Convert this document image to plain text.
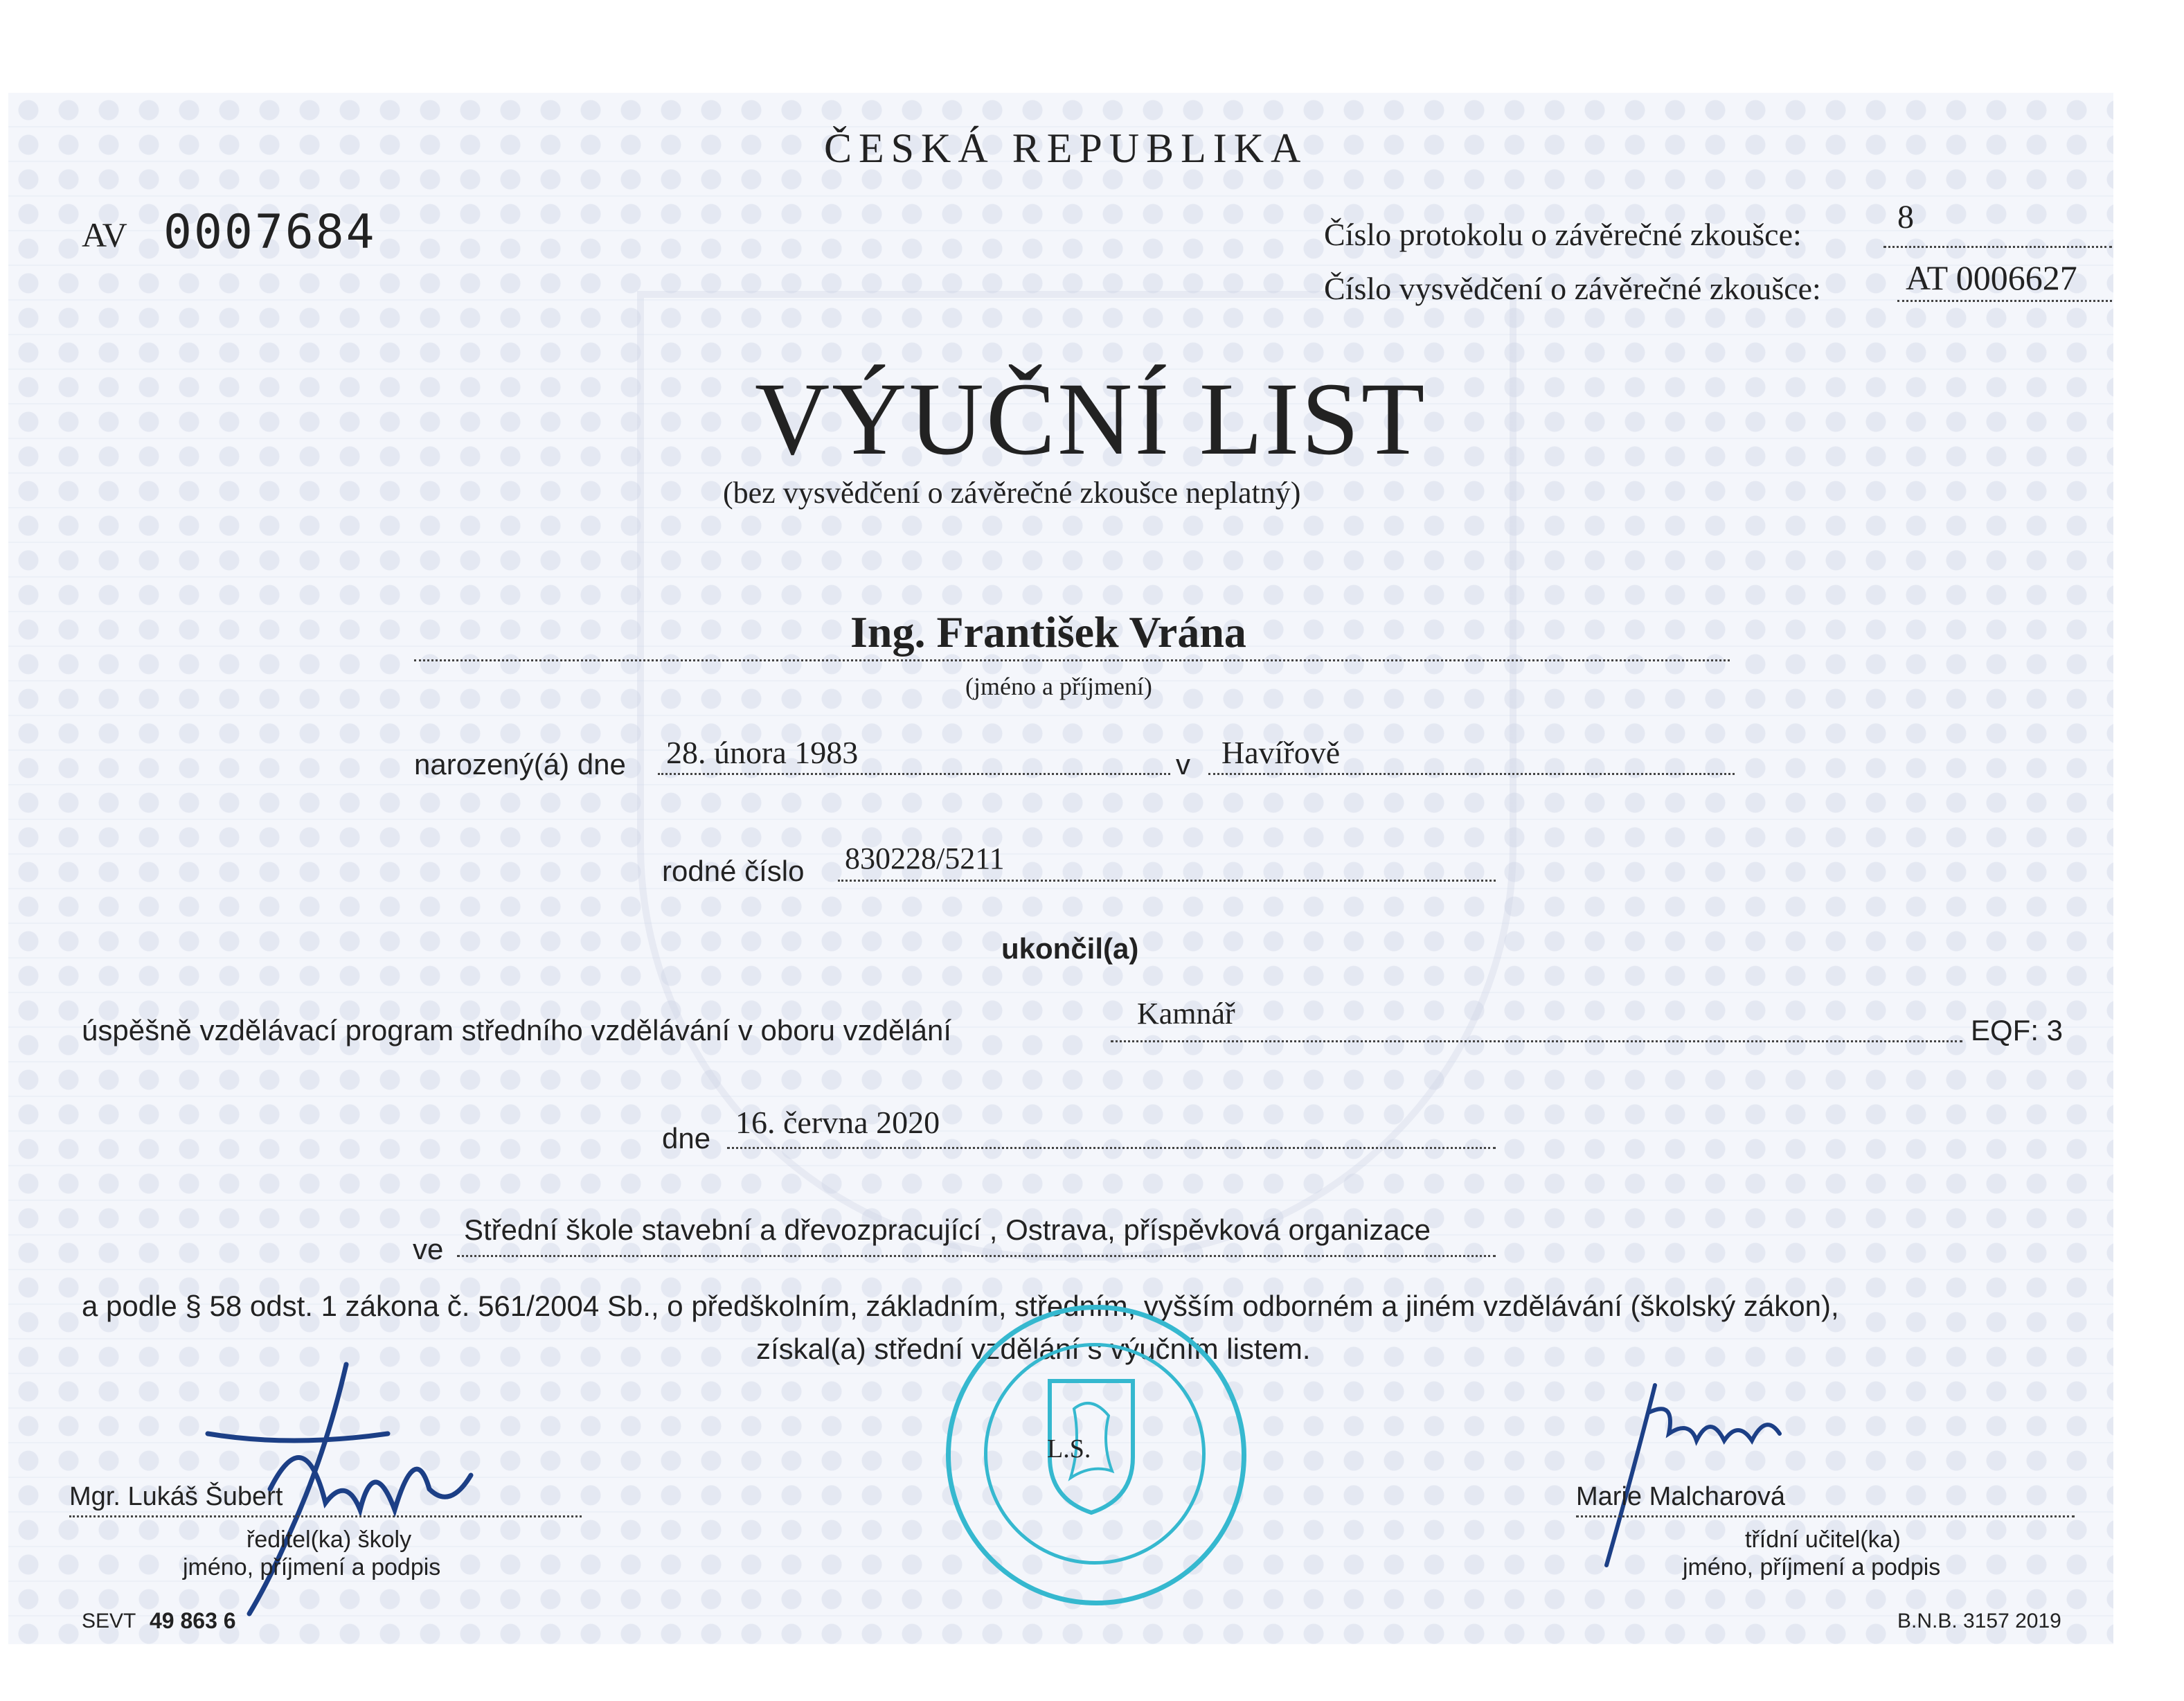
ČESKÁ REPUBLIKA
AV 0007684	Číslo protokolu o závěrečné zkoušce:	8
Číslo vysvědčení o závěrečné zkoušce: AT 0006627
VÝUČNÍ LIST
(bez vysvědčení o závěrečné zkoušce neplatný)
Ing. František Vrána
(jméno a příjmení)
narozený(á) dne 28. února 1983	v Havířově
rodné číslo 830228/5211
ukončil(a)
úspěšně vzdělávací program středního vzdělávání v oboru vzdělání	Kamnář	EQF: 3
dne 16. června 2020
ve
Střední škole stavební a dřevozpracující , Ostrava, příspěvková organizace
a podle § 58 odst. 1 zákona č. 561/2004 Sb., o předškolním, základním, středním, vyšším odborném a jiném vzdělávání (školský zákon),
získal(a) střední vzdělání s výučním listem.
L.S.
Mgr. Lukáš Šubert
ředitel(ka) školy
jméno, příjmení a podpis
Marie Malcharová
třídní učitel(ka)
jméno, příjmení a podpis
SEVT 49 863 6	B.N.B. 3157 2019
